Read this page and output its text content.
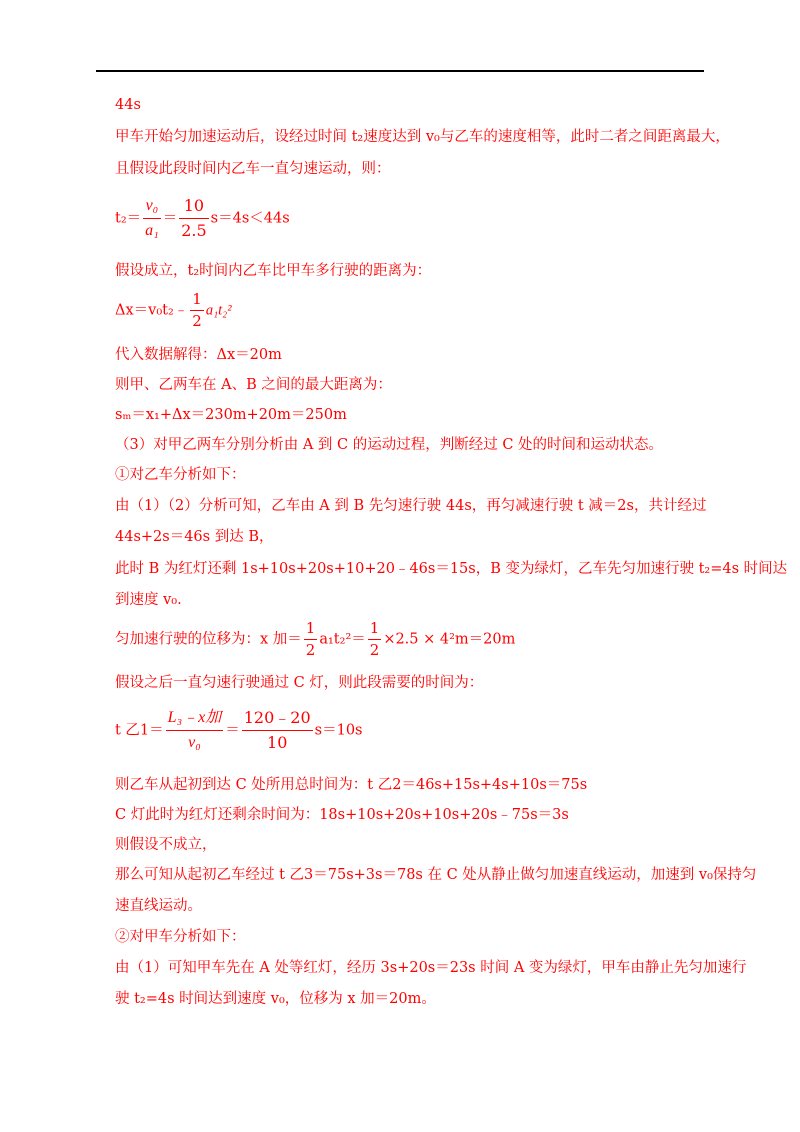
44s
甲车开始匀加速运动后，设经过时间 t₂速度达到 v₀与乙车的速度相等，此时二者之间距离最大，
且假设此段时间内乙车一直匀速运动，则：
$t_2= \frac{\text{v₀}}{\text{a₁}} = \frac{10}{2.5} s=4s<44s$
假设成立，t₂时间内乙车比甲车多行驶的距离为：
Δx＝v₀t₂﹣ $\frac{1}{2} a_1t_2^2$
代入数据解得：Δx＝20m
则甲、乙两车在 A、B 之间的最大距离为：
sₘ＝x₁+Δx＝230m+20m＝250m
（3）对甲乙两车分别分析由 A 到 C 的运动过程，判断经过 C 处的时间和运动状态。
①对乙车分析如下：
由（1）（2）分析可知，乙车由 A 到 B 先匀速行驶 44s，再匀减速行驶 t 减＝2s，共计经过
44s+2s＝46s 到达 B，
此时 B 为红灯还剩 1s+10s+20s+10+20﹣46s＝15s，B 变为绿灯，乙车先匀加速行驶 t₂=4s 时间达
到速度 v₀.
匀加速行驶的位移为：x 加＝ $\frac{1}{2} a_1t_2^2= \frac{1}{2} \times 2.5 \times 4^2m=20m$
假设之后一直匀速行驶通过 C 灯，则此段需要的时间为：
t 乙$1= \frac{\text{L₃﹣x加}}{\text{v₀}} = \frac{120﹣20}{10} s=10s$
则乙车从起初到达 C 处所用总时间为：t 乙2＝46s+15s+4s+10s＝75s
C 灯此时为红灯还剩余时间为：18s+10s+20s+10s+20s﹣75s＝3s
则假设不成立，
那么可知从起初乙车经过 t 乙3＝75s+3s＝78s 在 C 处从静止做匀加速直线运动，加速到 v₀保持匀
速直线运动。
②对甲车分析如下：
由（1）可知甲车先在 A 处等红灯，经历 3s+20s＝23s 时间 A 变为绿灯，甲车由静止先匀加速行
驶 t₂=4s 时间达到速度 v₀，位移为 x 加＝20m。
